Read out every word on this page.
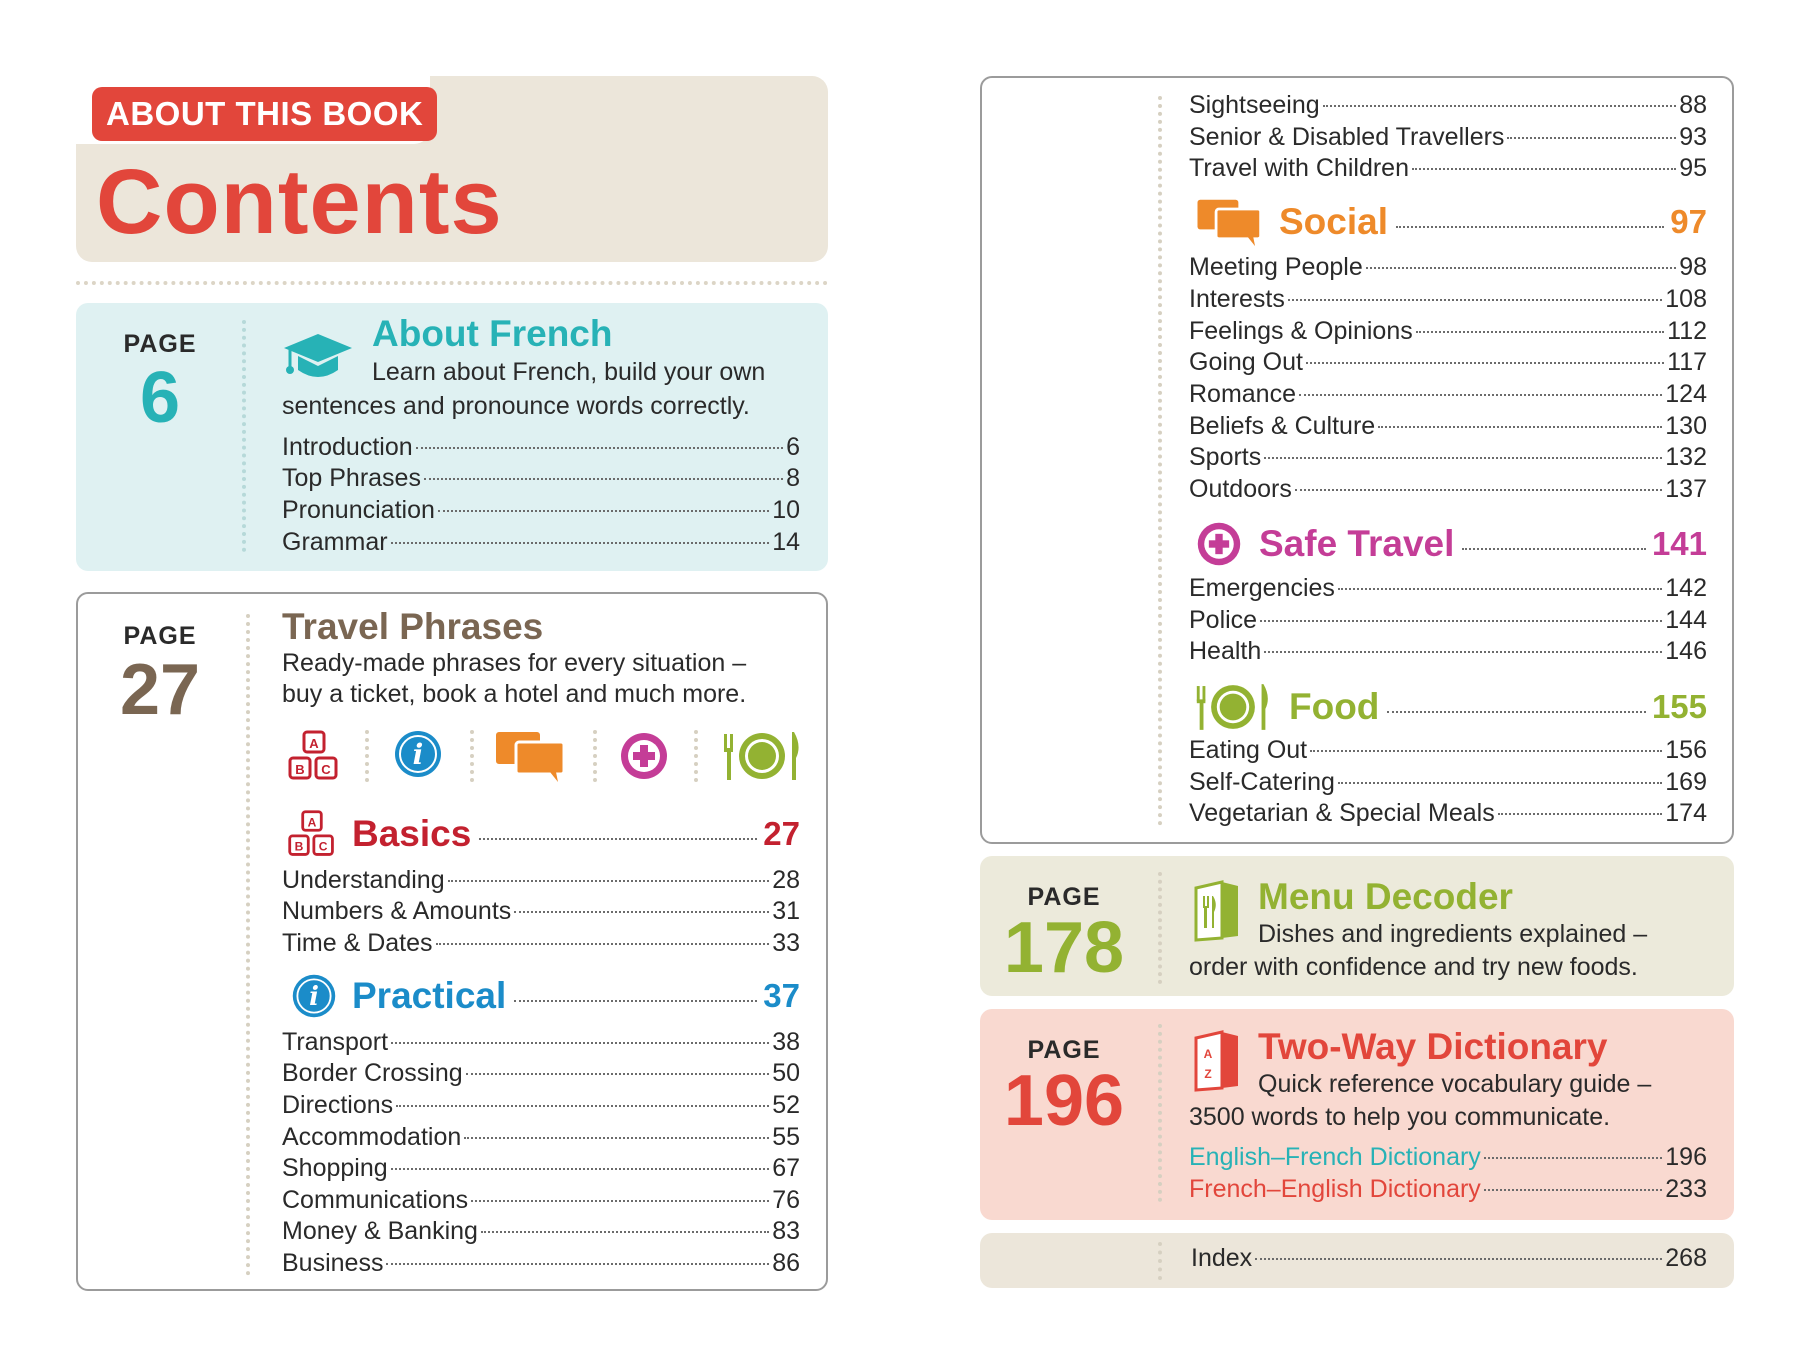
ABOUT THIS BOOK
Contents
PAGE
6
About French
Learn about French, build your own
sentences and pronounce words correctly.
Introduction	6
Top Phrases	8
Pronunciation	10
Grammar	14
PAGE
27
Travel Phrases
Ready-made phrases for every situation –
buy a ticket, book a hotel and much more.
A
B C	i
A
B C Basics	27
Understanding	28
Numbers & Amounts	31
Time & Dates	33
i Practical	37
Transport	38
Border Crossing	50
Directions	52
Accommodation	55
Shopping	67
Communications	76
Money & Banking	83
Business	86
Sightseeing	88
Senior & Disabled Travellers	93
Travel with Children	95
Social	97
Meeting People	98
Interests	108
Feelings & Opinions	112
Going Out	117
Romance	124
Beliefs & Culture	130
Sports	132
Outdoors	137
Safe Travel	141
Emergencies	142
Police	144
Health	146
Food	155
Eating Out	156
Self-Catering	169
Vegetarian & Special Meals	174
PAGE
178
Menu Decoder
Dishes and ingredients explained –
order with confidence and try new foods.
PAGE
196
A
Z
Two-Way Dictionary
Quick reference vocabulary guide –
3500 words to help you communicate.
English–French Dictionary	196
French–English Dictionary	233
Index	268
